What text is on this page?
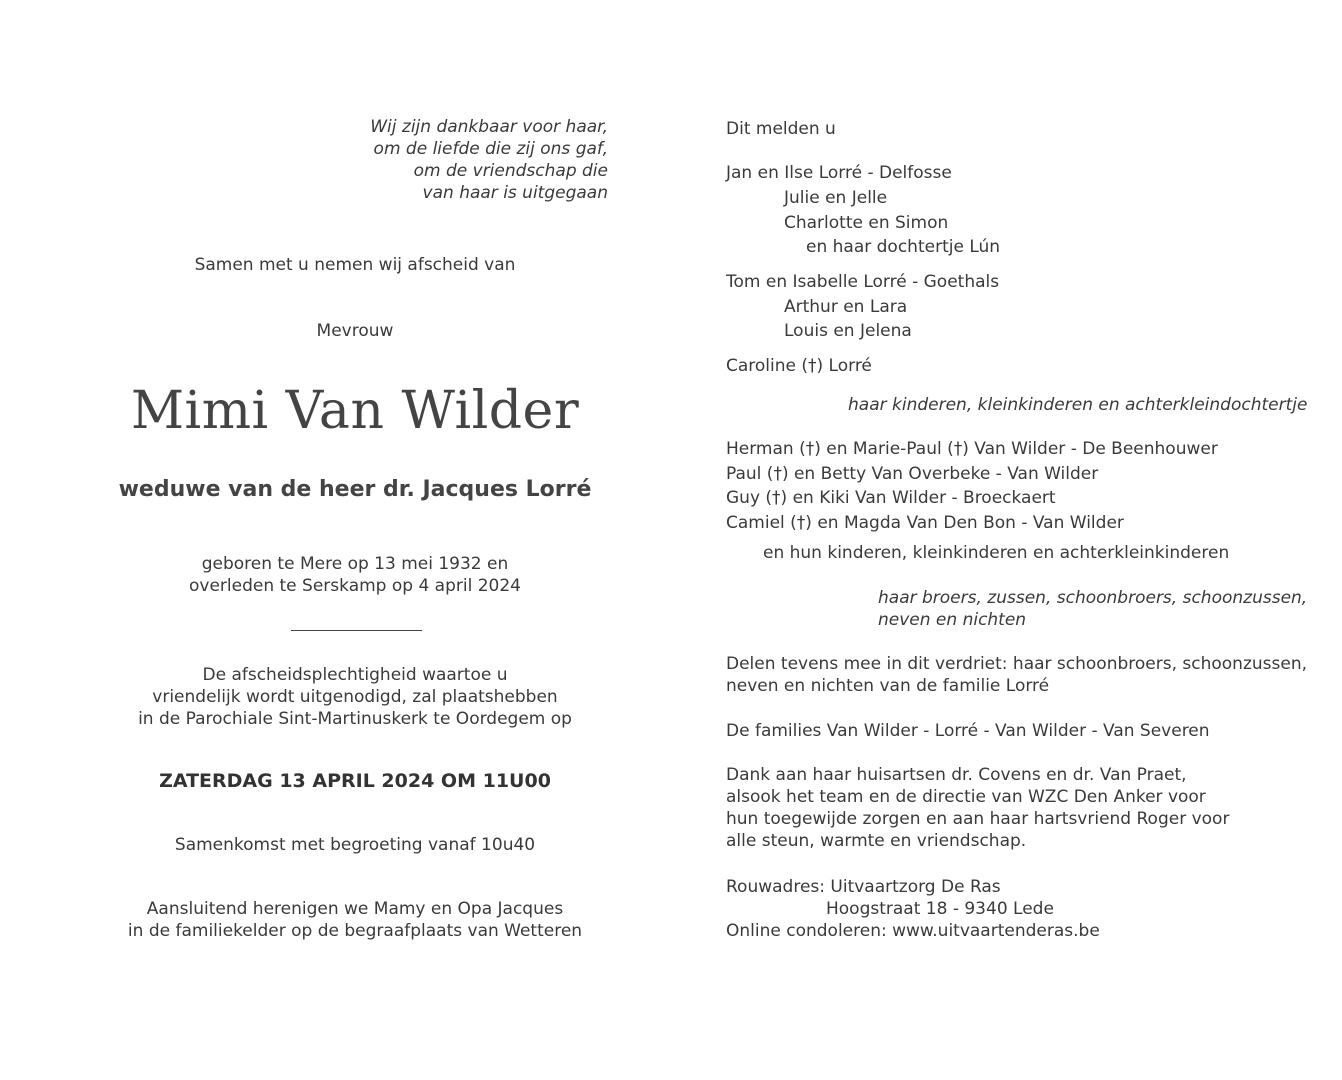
Wij zijn dankbaar voor haar,
om de liefde die zij ons gaf,
om de vriendschap die
van haar is uitgegaan
Samen met u nemen wij afscheid van
Mevrouw
Mimi Van Wilder
weduwe van de heer dr. Jacques Lorré
geboren te Mere op 13 mei 1932 en
overleden te Serskamp op 4 april 2024
De afscheidsplechtigheid waartoe u
vriendelijk wordt uitgenodigd, zal plaatshebben
in de Parochiale Sint-Martinuskerk te Oordegem op
ZATERDAG 13 APRIL 2024 OM 11U00
Samenkomst met begroeting vanaf 10u40
Aansluitend herenigen we Mamy en Opa Jacques
in de familiekelder op de begraafplaats van Wetteren
Dit melden u
Jan en Ilse Lorré - Delfosse
Julie en Jelle
Charlotte en Simon
en haar dochtertje Lún
Tom en Isabelle Lorré - Goethals
Arthur en Lara
Louis en Jelena
Caroline (†) Lorré
haar kinderen, kleinkinderen en achterkleindochtertje
Herman (†) en Marie-Paul (†) Van Wilder - De Beenhouwer
Paul (†) en Betty Van Overbeke - Van Wilder
Guy (†) en Kiki Van Wilder - Broeckaert
Camiel (†) en Magda Van Den Bon - Van Wilder
en hun kinderen, kleinkinderen en achterkleinkinderen
haar broers, zussen, schoonbroers, schoonzussen,
neven en nichten
Delen tevens mee in dit verdriet: haar schoonbroers, schoonzussen,
neven en nichten van de familie Lorré
De families Van Wilder - Lorré - Van Wilder - Van Severen
Dank aan haar huisartsen dr. Covens en dr. Van Praet,
alsook het team en de directie van WZC Den Anker voor
hun toegewijde zorgen en aan haar hartsvriend Roger voor
alle steun, warmte en vriendschap.
Rouwadres: Uitvaartzorg De Ras
Hoogstraat 18 - 9340 Lede
Online condoleren: www.uitvaartenderas.be
